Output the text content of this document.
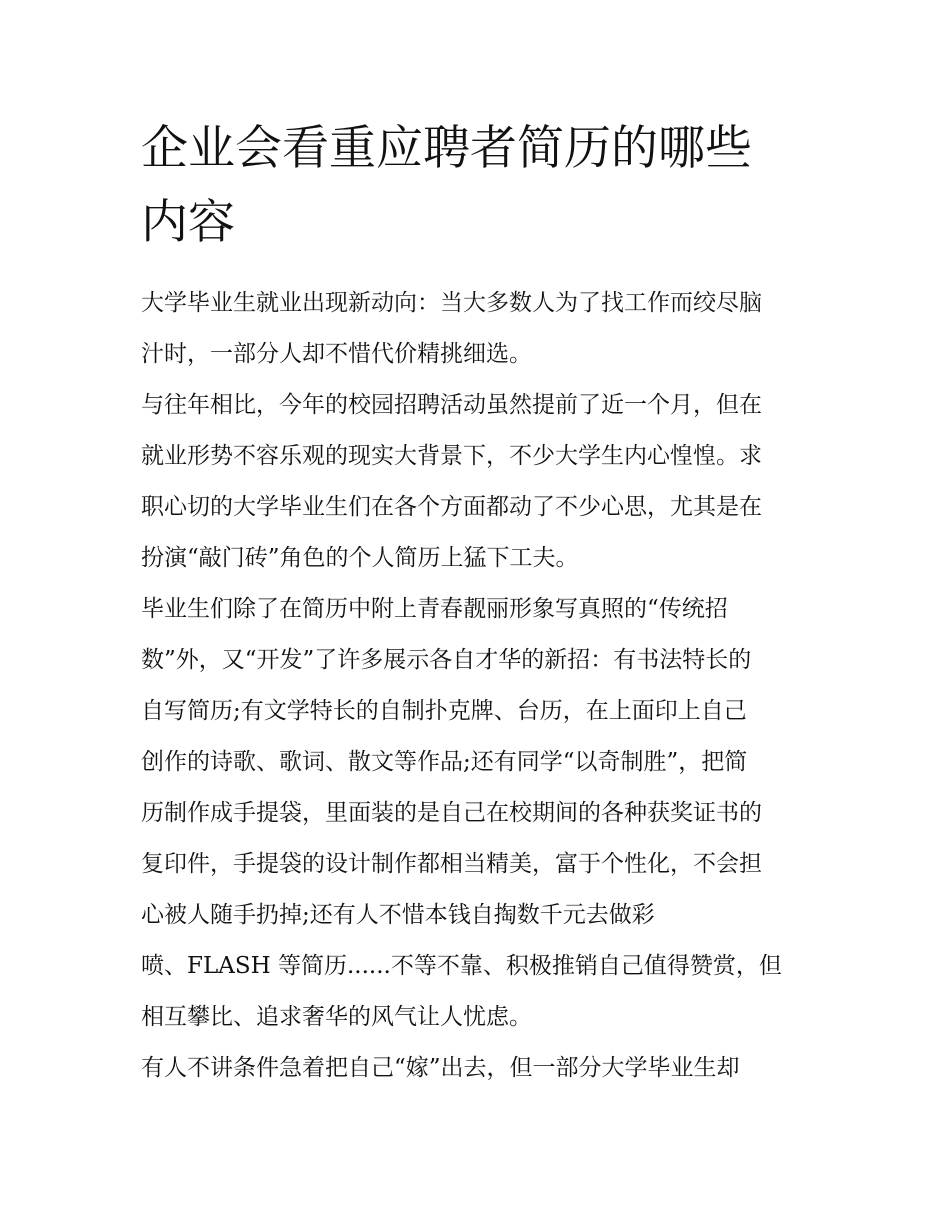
企业会看重应聘者简历的哪些
内容
大学毕业生就业出现新动向：当大多数人为了找工作而绞尽脑
汁时，一部分人却不惜代价精挑细选。
与往年相比，今年的校园招聘活动虽然提前了近一个月，但在
就业形势不容乐观的现实大背景下，不少大学生内心惶惶。求
职心切的大学毕业生们在各个方面都动了不少心思，尤其是在
扮演“敲门砖”角色的个人简历上猛下工夫。
毕业生们除了在简历中附上青春靓丽形象写真照的“传统招
数”外，又“开发”了许多展示各自才华的新招：有书法特长的
自写简历;有文学特长的自制扑克牌、台历，在上面印上自己
创作的诗歌、歌词、散文等作品;还有同学“以奇制胜”，把简
历制作成手提袋，里面装的是自己在校期间的各种获奖证书的
复印件，手提袋的设计制作都相当精美，富于个性化，不会担
心被人随手扔掉;还有人不惜本钱自掏数千元去做彩
喷、FLASH 等简历......不等不靠、积极推销自己值得赞赏，但
相互攀比、追求奢华的风气让人忧虑。
有人不讲条件急着把自己“嫁”出去，但一部分大学毕业生却
